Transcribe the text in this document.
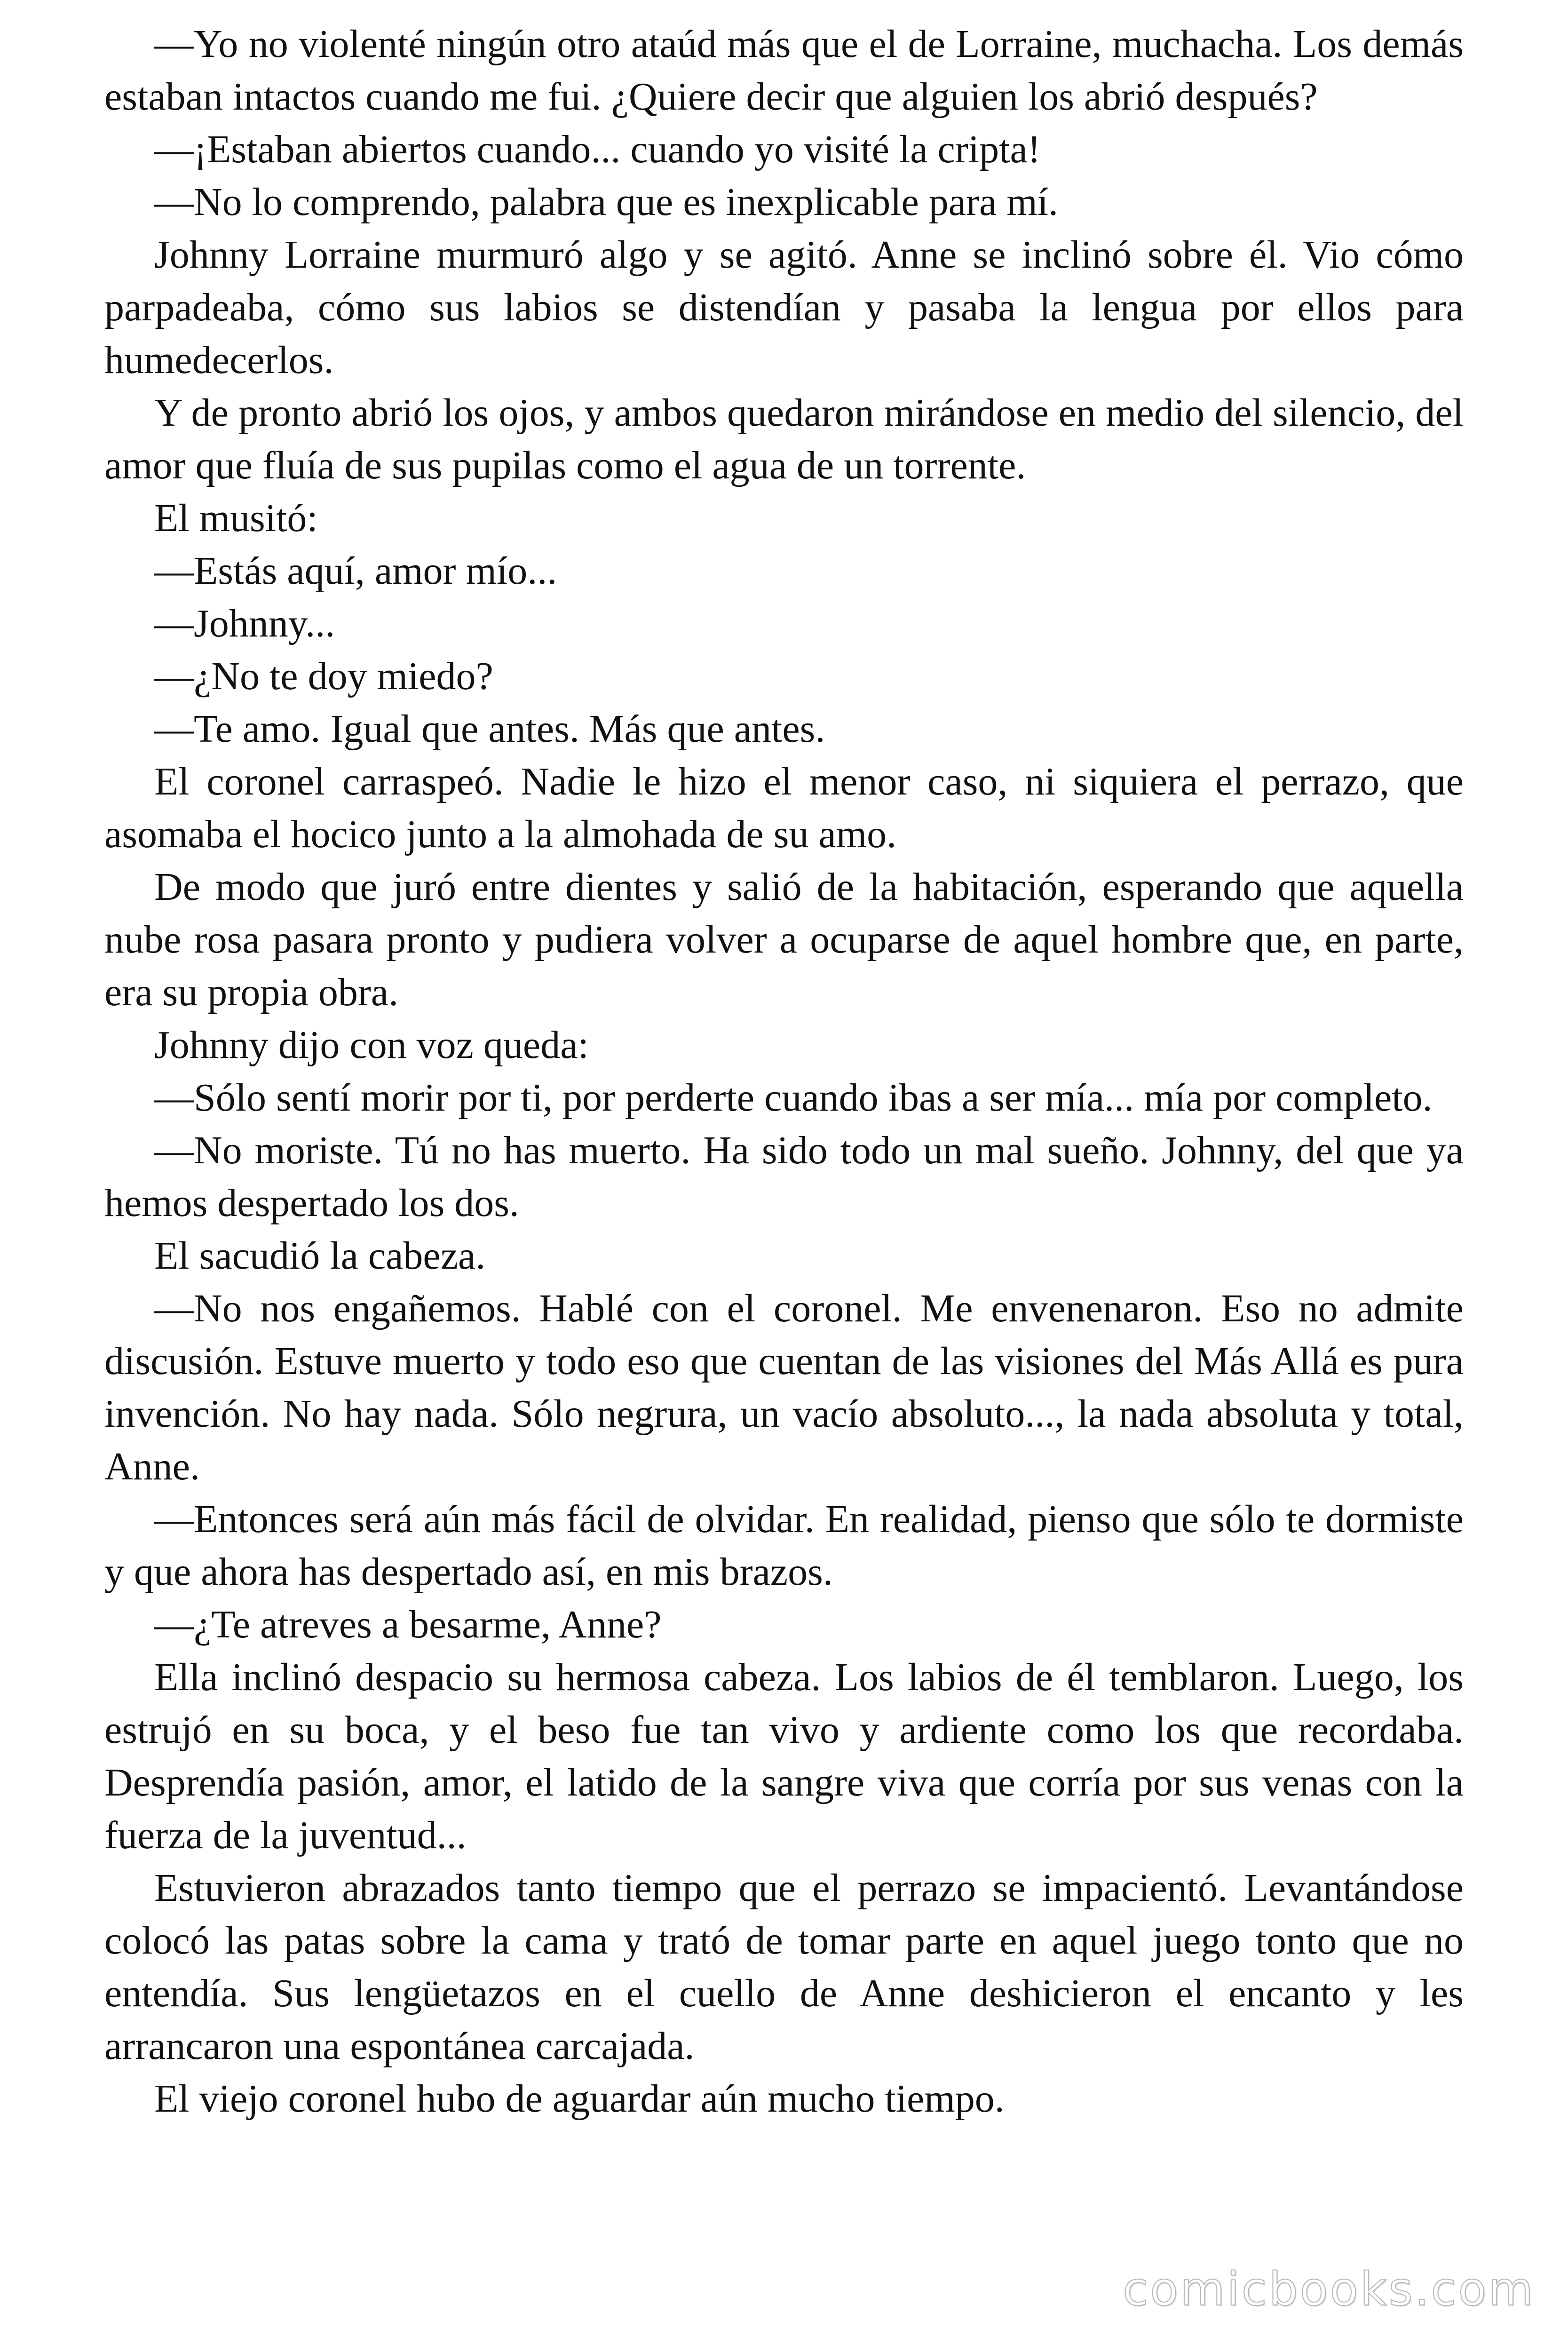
—Yo no violenté ningún otro ataúd más que el de Lorraine, muchacha. Los demás estaban intactos cuando me fui. ¿Quiere decir que alguien los abrió después?

—¡Estaban abiertos cuando... cuando yo visité la cripta!

—No lo comprendo, palabra que es inexplicable para mí.

Johnny Lorraine murmuró algo y se agitó. Anne se inclinó sobre él. Vio cómo parpadeaba, cómo sus labios se distendían y pasaba la lengua por ellos para humedecerlos.

Y de pronto abrió los ojos, y ambos quedaron mirándose en medio del silencio, del amor que fluía de sus pupilas como el agua de un torrente.

El musitó:

—Estás aquí, amor mío...

—Johnny...

—¿No te doy miedo?

—Te amo. Igual que antes. Más que antes.

El coronel carraspeó. Nadie le hizo el menor caso, ni siquiera el perrazo, que asomaba el hocico junto a la almohada de su amo.

De modo que juró entre dientes y salió de la habitación, esperando que aquella nube rosa pasara pronto y pudiera volver a ocuparse de aquel hombre que, en parte, era su propia obra.

Johnny dijo con voz queda:

—Sólo sentí morir por ti, por perderte cuando ibas a ser mía... mía por completo.

—No moriste. Tú no has muerto. Ha sido todo un mal sueño. Johnny, del que ya hemos despertado los dos.

El sacudió la cabeza.

—No nos engañemos. Hablé con el coronel. Me envenenaron. Eso no admite discusión. Estuve muerto y todo eso que cuentan de las visiones del Más Allá es pura invención. No hay nada. Sólo negrura, un vacío absoluto..., la nada absoluta y total, Anne.

—Entonces será aún más fácil de olvidar. En realidad, pienso que sólo te dormiste y que ahora has despertado así, en mis brazos.

—¿Te atreves a besarme, Anne?

Ella inclinó despacio su hermosa cabeza. Los labios de él temblaron. Luego, los estrujó en su boca, y el beso fue tan vivo y ardiente como los que recordaba. Desprendía pasión, amor, el latido de la sangre viva que corría por sus venas con la fuerza de la juventud...

Estuvieron abrazados tanto tiempo que el perrazo se impacientó. Levantándose colocó las patas sobre la cama y trató de tomar parte en aquel juego tonto que no entendía. Sus lengüetazos en el cuello de Anne deshicieron el encanto y les arrancaron una espontánea carcajada.

El viejo coronel hubo de aguardar aún mucho tiempo.

comicbooks.com
